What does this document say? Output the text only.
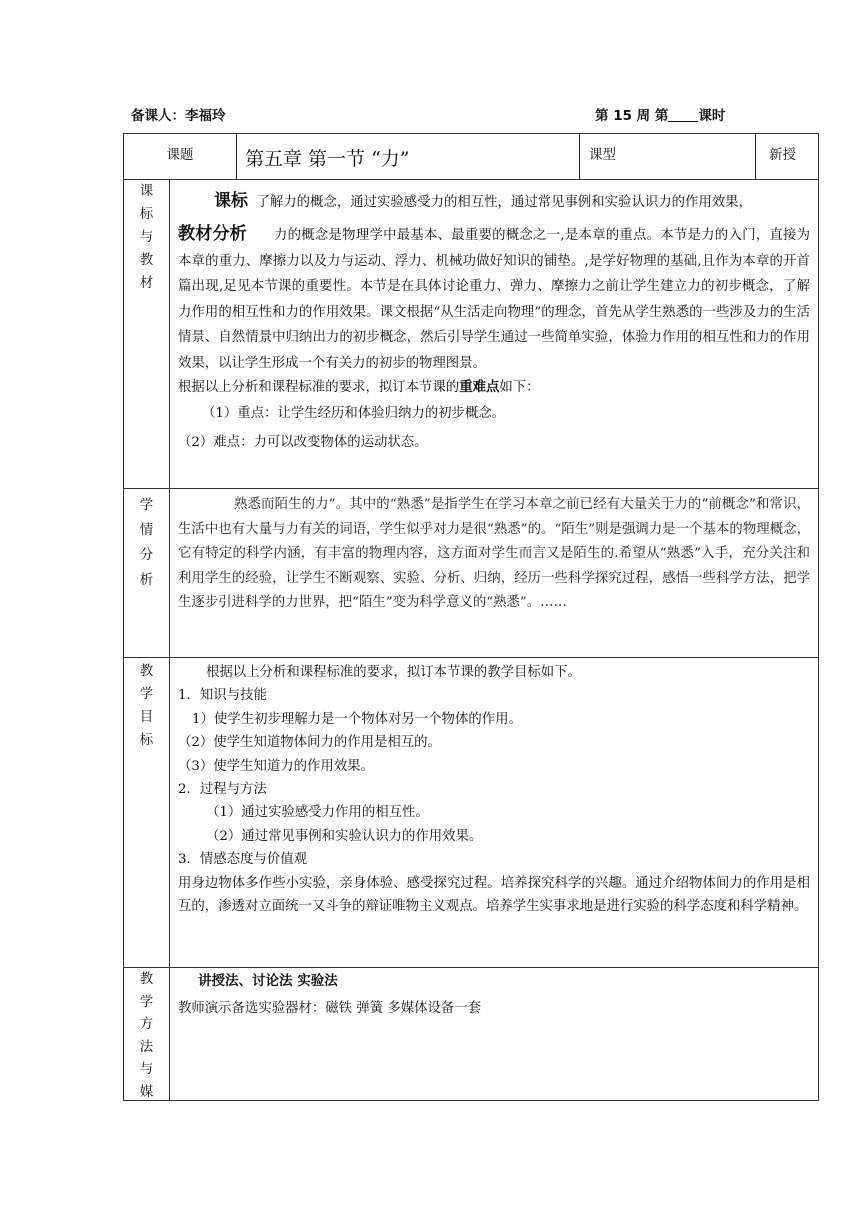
备课人：李福玲	第 15 周 第 课时
课题	第五章 第一节 “力”	课型	新授
课
标
与
教
材

课标 了解力的概念，通过实验感受力的相互性，通过常见事例和实验认识力的作用效果，

教材分析 力的概念是物理学中最基本、最重要的概念之一,是本章的重点。本节是力的入门，直接为本章的重力、摩擦力以及力与运动、浮力、机械功做好知识的铺垫。,是学好物理的基础,且作为本章的开首篇出现,足见本节课的重要性。本节是在具体讨论重力、弹力、摩擦力之前让学生建立力的初步概念，了解力作用的相互性和力的作用效果。课文根据“从生活走向物理”的理念，首先从学生熟悉的一些涉及力的生活情景、自然情景中归纳出力的初步概念，然后引导学生通过一些简单实验，体验力作用的相互性和力的作用效果，以让学生形成一个有关力的初步的物理图景。

根据以上分析和课程标准的要求，拟订本节课的重难点如下：

（1）重点：让学生经历和体验归纳力的初步概念。

（2）难点：力可以改变物体的运动状态。

学
情
分
析

熟悉而陌生的力”。其中的“熟悉”是指学生在学习本章之前已经有大量关于力的“前概念”和常识，生活中也有大量与力有关的词语，学生似乎对力是很“熟悉”的。“陌生”则是强调力是一个基本的物理概念，它有特定的科学内涵，有丰富的物理内容，这方面对学生而言又是陌生的.希望从“熟悉”入手，充分关注和利用学生的经验，让学生不断观察、实验、分析、归纳，经历一些科学探究过程，感悟一些科学方法，把学生逐步引进科学的力世界，把“陌生”变为科学意义的“熟悉”。……

教
学
目
标

根据以上分析和课程标准的要求，拟订本节课的教学目标如下。

1．知识与技能

1）使学生初步理解力是一个物体对另一个物体的作用。

（2）使学生知道物体间力的作用是相互的。

（3）使学生知道力的作用效果。

2．过程与方法

（1）通过实验感受力作用的相互性。

（2）通过常见事例和实验认识力的作用效果。

3．情感态度与价值观

用身边物体多作些小实验，亲身体验、感受探究过程。培养探究科学的兴趣。通过介绍物体间力的作用是相互的，渗透对立面统一又斗争的辩证唯物主义观点。培养学生实事求地是进行实验的科学态度和科学精神。

教
学
方
法
与
媒

讲授法、讨论法 实验法

教师演示备选实验器材：磁铁 弹簧 多媒体设备一套
